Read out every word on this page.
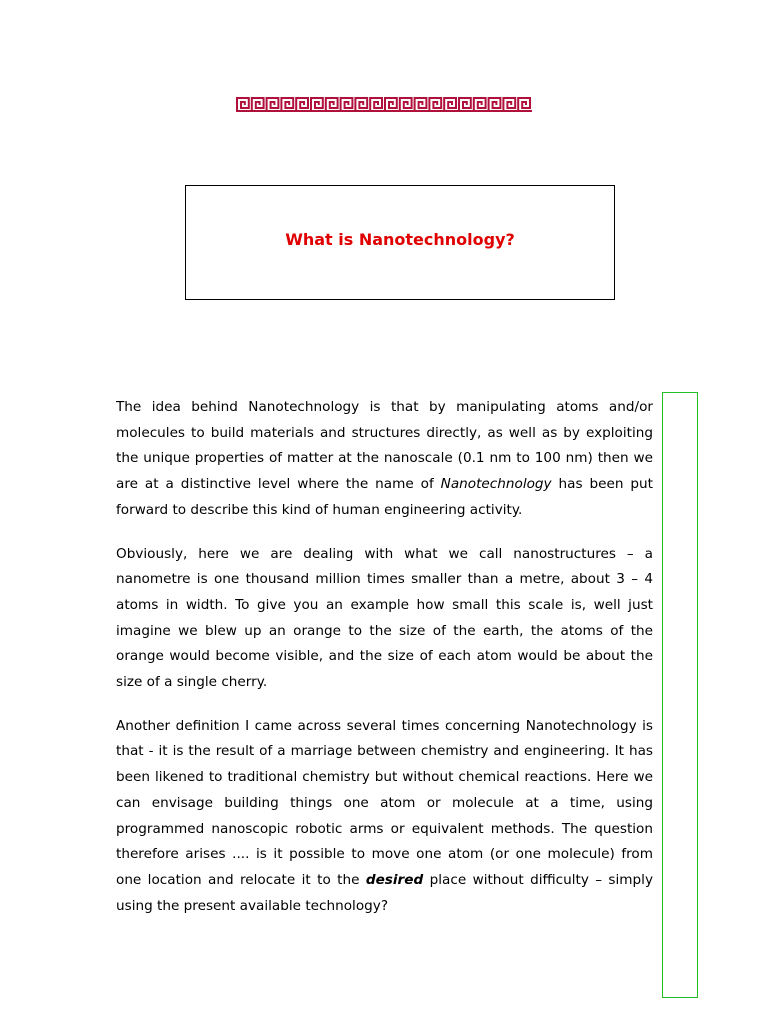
What is Nanotechnology?

The idea behind Nanotechnology is that by manipulating atoms and/or molecules to build materials and structures directly, as well as by exploiting the unique properties of matter at the nanoscale (0.1 nm to 100 nm) then we are at a distinctive level where the name of Nanotechnology has been put forward to describe this kind of human engineering activity.

Obviously, here we are dealing with what we call nanostructures – a nanometre is one thousand million times smaller than a metre, about 3 – 4 atoms in width. To give you an example how small this scale is, well just imagine we blew up an orange to the size of the earth, the atoms of the orange would become visible, and the size of each atom would be about the size of a single cherry.

Another definition I came across several times concerning Nanotechnology is that - it is the result of a marriage between chemistry and engineering. It has been likened to traditional chemistry but without chemical reactions. Here we can envisage building things one atom or molecule at a time, using programmed nanoscopic robotic arms or equivalent methods. The question therefore arises .... is it possible to move one atom (or one molecule) from one location and relocate it to the desired place without difficulty – simply using the present available technology?
